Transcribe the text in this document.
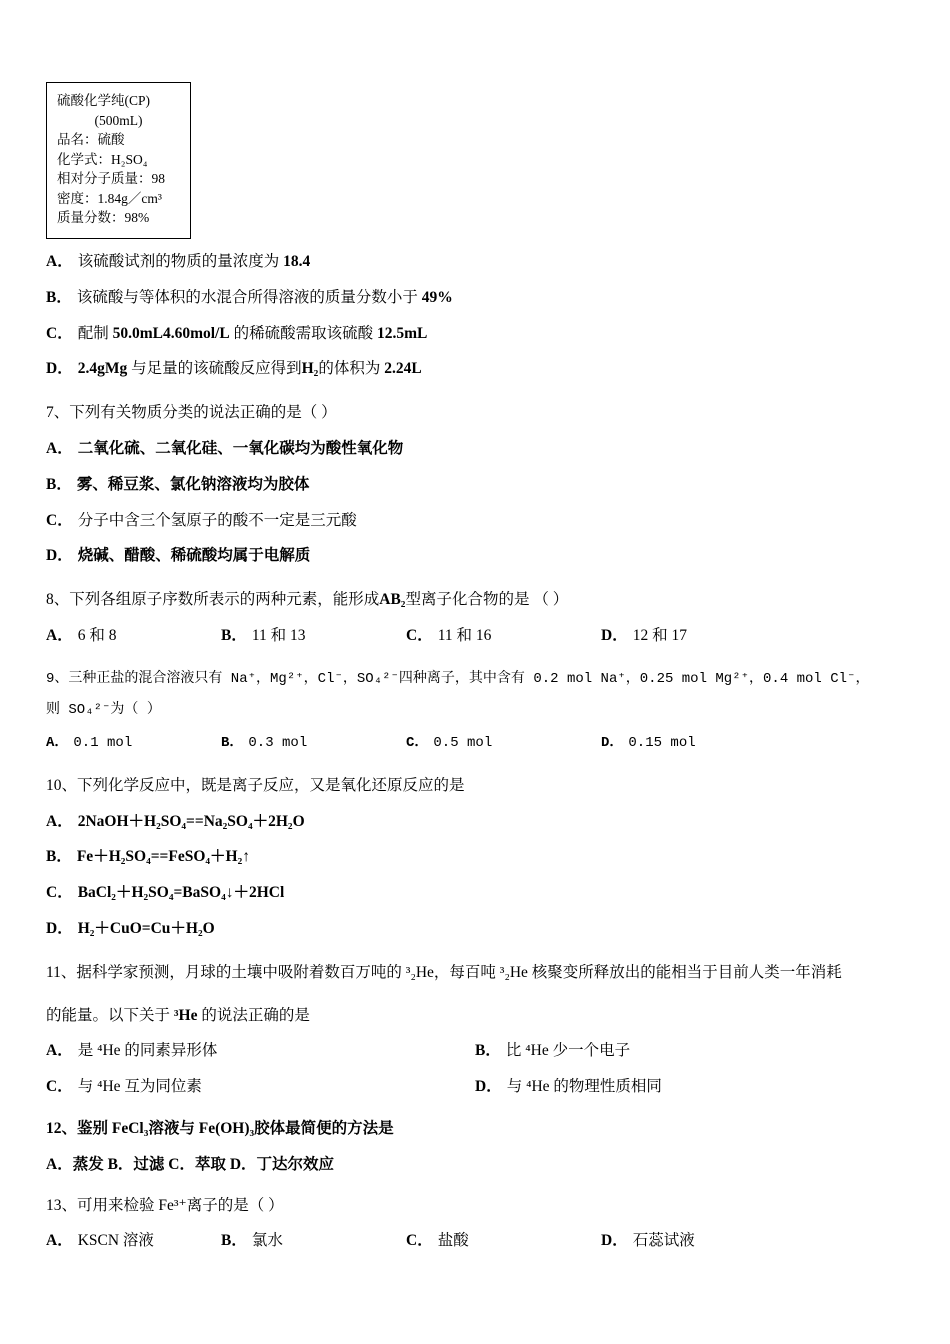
硫酸化学纯(CP)
(500mL)
品名：硫酸
化学式：H₂SO₄
相对分子质量：98
密度：1.84g／cm³
质量分数：98%
A． 该硫酸试剂的物质的量浓度为 18.4
B． 该硫酸与等体积的水混合所得溶液的质量分数小于 49%
C． 配制 50.0mL4.60mol/L 的稀硫酸需取该硫酸 12.5mL
D． 2.4gMg 与足量的该硫酸反应得到H₂的体积为 2.24L
7、下列有关物质分类的说法正确的是（ ）
A． 二氧化硫、二氧化硅、一氧化碳均为酸性氧化物
B． 雾、稀豆浆、氯化钠溶液均为胶体
C． 分子中含三个氢原子的酸不一定是三元酸
D． 烧碱、醋酸、稀硫酸均属于电解质
8、下列各组原子序数所表示的两种元素，能形成AB₂型离子化合物的是 （ ）
A． 6 和 8	B． 11 和 13	C． 11 和 16	D． 12 和 17
9、三种正盐的混合溶液只有 Na⁺，Mg²⁺，Cl⁻，SO₄²⁻四种离子，其中含有 0.2 mol Na⁺，0.25 mol Mg²⁺，0.4 mol Cl⁻，
则 SO₄²⁻为（ ）
A． 0.1 mol	B． 0.3 mol	C． 0.5 mol	D． 0.15 mol
10、下列化学反应中，既是离子反应，又是氧化还原反应的是
A． 2NaOH＋H₂SO₄==Na₂SO₄＋2H₂O
B． Fe＋H₂SO₄==FeSO₄＋H₂↑
C． BaCl₂＋H₂SO₄=BaSO₄↓＋2HCl
D． H₂＋CuO=Cu＋H₂O
11、据科学家预测，月球的土壤中吸附着数百万吨的 ³₂He，每百吨 ³₂He 核聚变所释放出的能相当于目前人类一年消耗
的能量。以下关于 ³He 的说法正确的是
A． 是 ⁴He 的同素异形体	B． 比 ⁴He 少一个电子
C． 与 ⁴He 互为同位素	D． 与 ⁴He 的物理性质相同
12、鉴别 FeCl₃溶液与 Fe(OH)₃胶体最简便的方法是
A．蒸发 B．过滤 C．萃取 D．丁达尔效应
13、可用来检验 Fe³⁺离子的是（ ）
A． KSCN 溶液	B． 氯水	C． 盐酸	D． 石蕊试液
